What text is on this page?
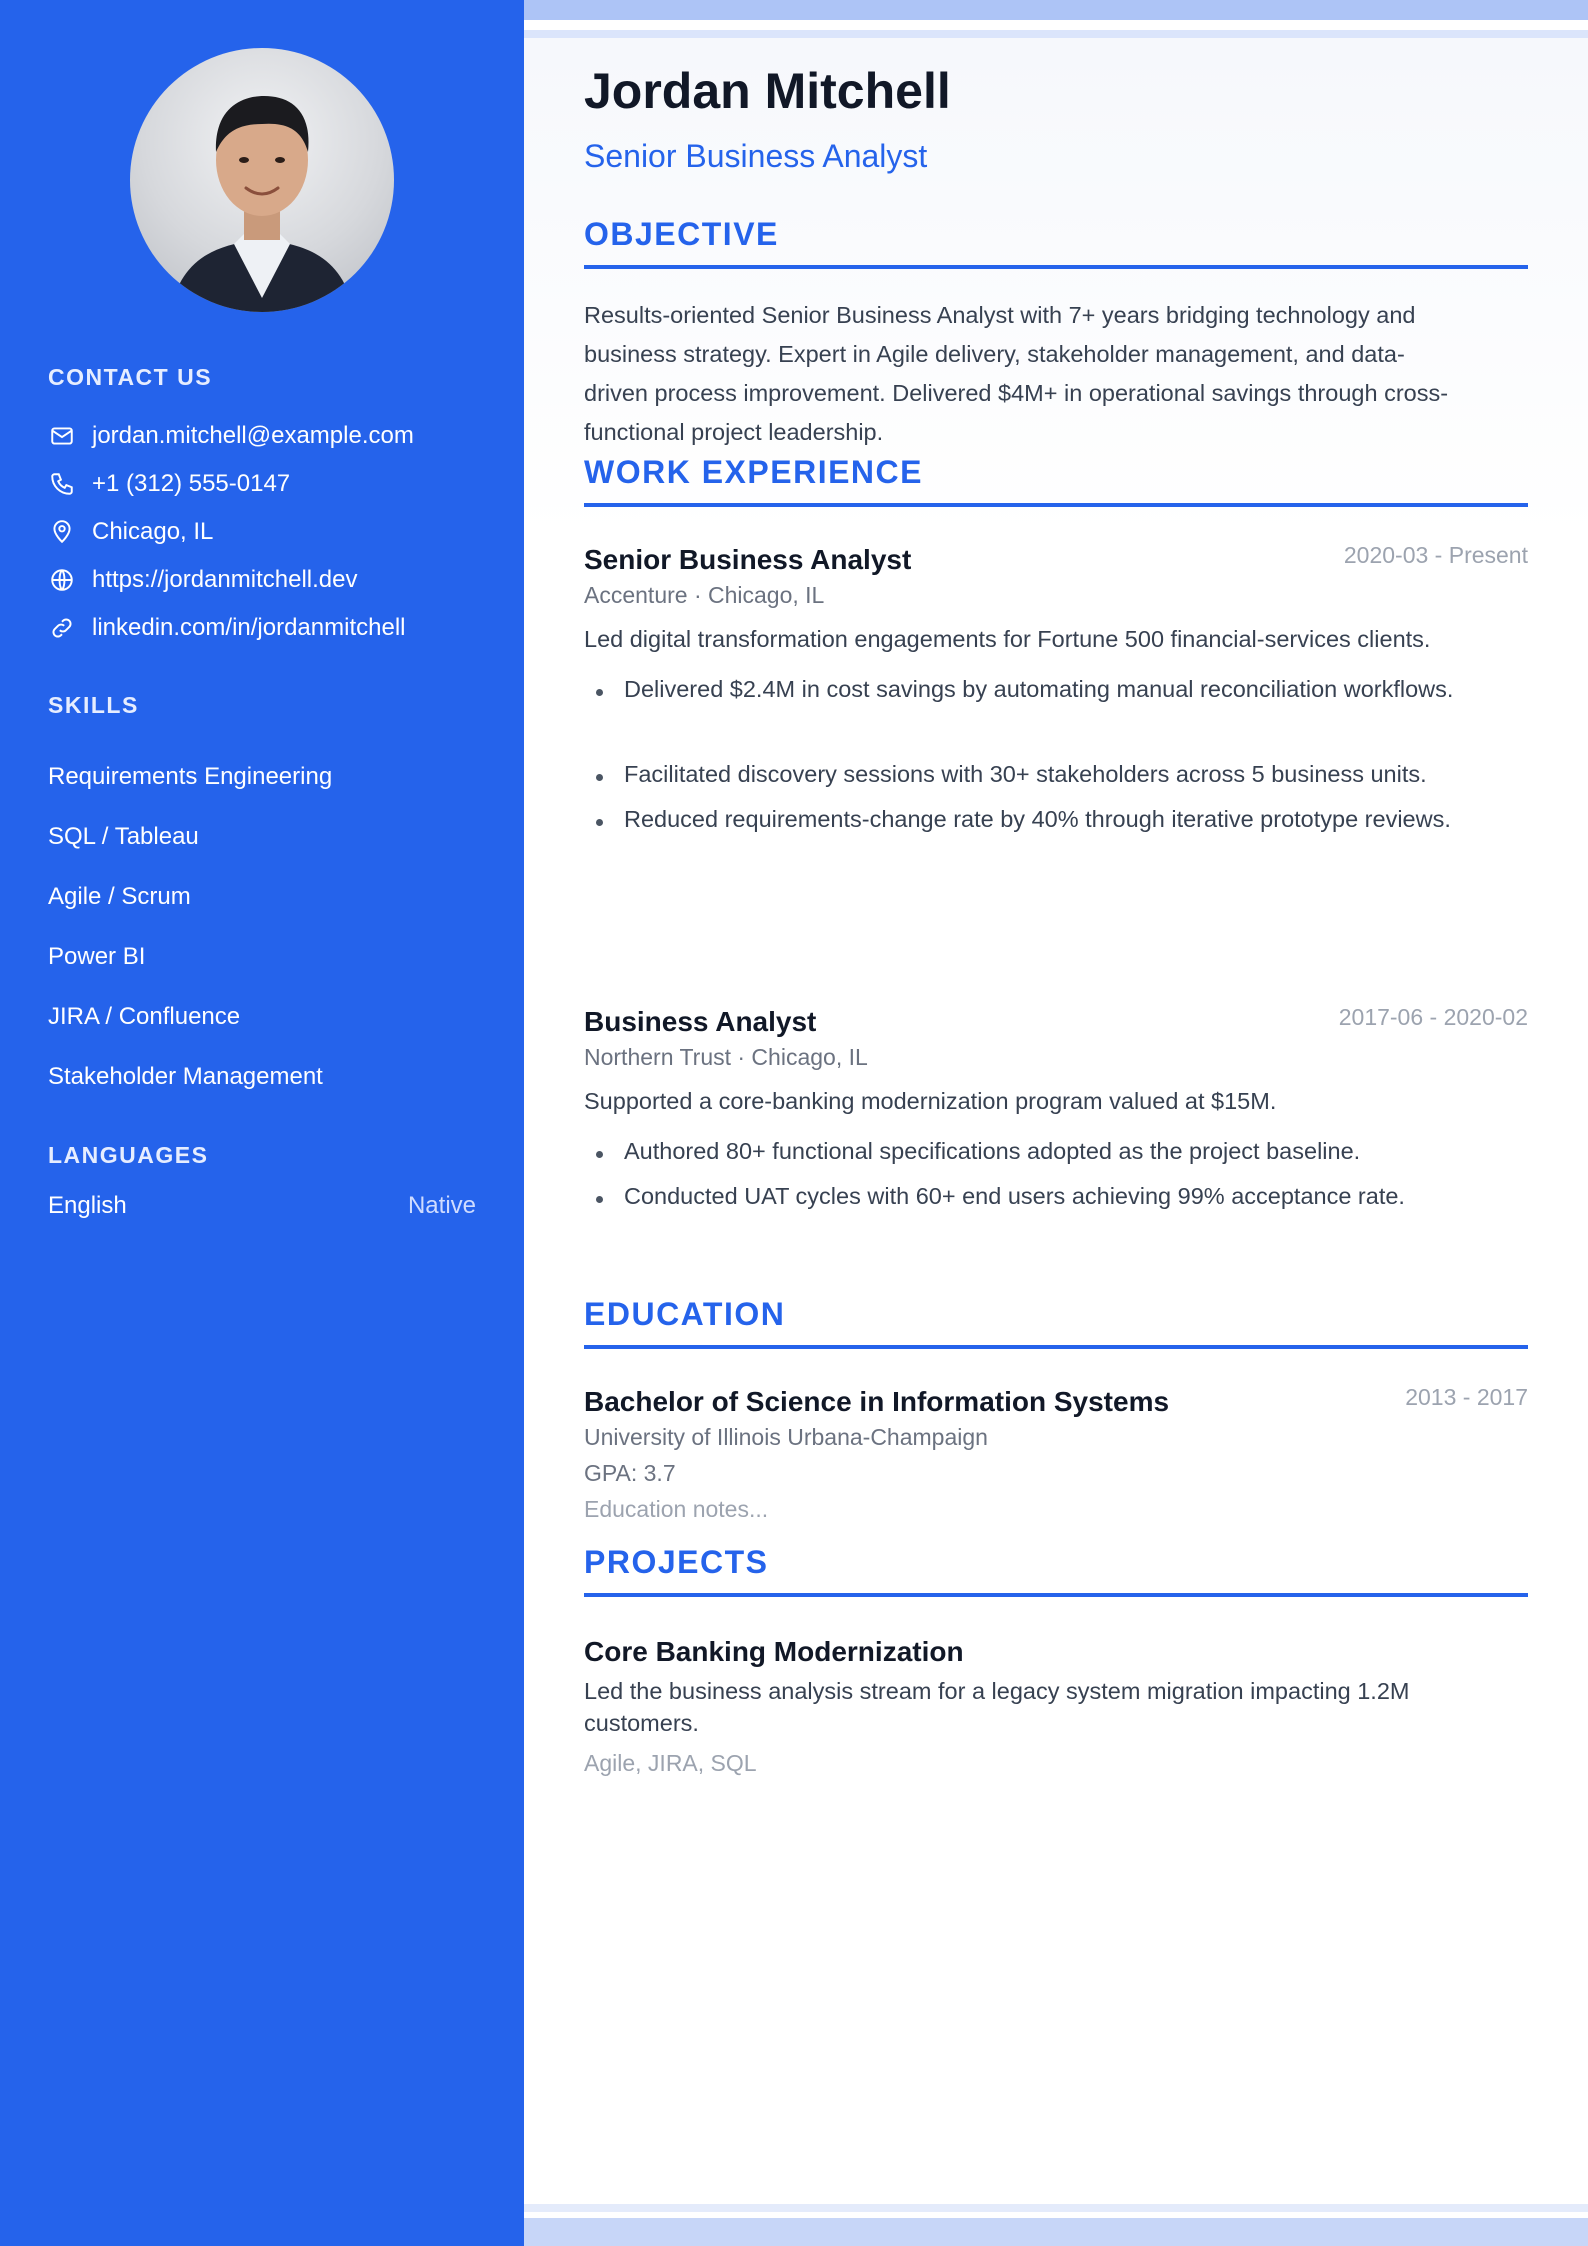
CONTACT US
jordan.mitchell@example.com
+1 (312) 555-0147
Chicago, IL
https://jordanmitchell.dev
linkedin.com/in/jordanmitchell
SKILLS
Requirements Engineering
SQL / Tableau
Agile / Scrum
Power BI
JIRA / Confluence
Stakeholder Management
LANGUAGES
English	Native
Jordan Mitchell
Senior Business Analyst
OBJECTIVE
Results-oriented Senior Business Analyst with 7+ years bridging technology and
business strategy. Expert in Agile delivery, stakeholder management, and data-
driven process improvement. Delivered $4M+ in operational savings through cross-
functional project leadership.
WORK EXPERIENCE
Senior Business Analyst	2020-03 - Present
Accenture · Chicago, IL
Led digital transformation engagements for Fortune 500 financial-services clients.
Delivered $2.4M in cost savings by automating manual reconciliation workflows.
Facilitated discovery sessions with 30+ stakeholders across 5 business units.
Reduced requirements-change rate by 40% through iterative prototype reviews.
Business Analyst	2017-06 - 2020-02
Northern Trust · Chicago, IL
Supported a core-banking modernization program valued at $15M.
Authored 80+ functional specifications adopted as the project baseline.
Conducted UAT cycles with 60+ end users achieving 99% acceptance rate.
EDUCATION
Bachelor of Science in Information Systems	2013 - 2017
University of Illinois Urbana-Champaign
GPA: 3.7
Education notes...
PROJECTS
Core Banking Modernization
Led the business analysis stream for a legacy system migration impacting 1.2M
customers.
Agile, JIRA, SQL
